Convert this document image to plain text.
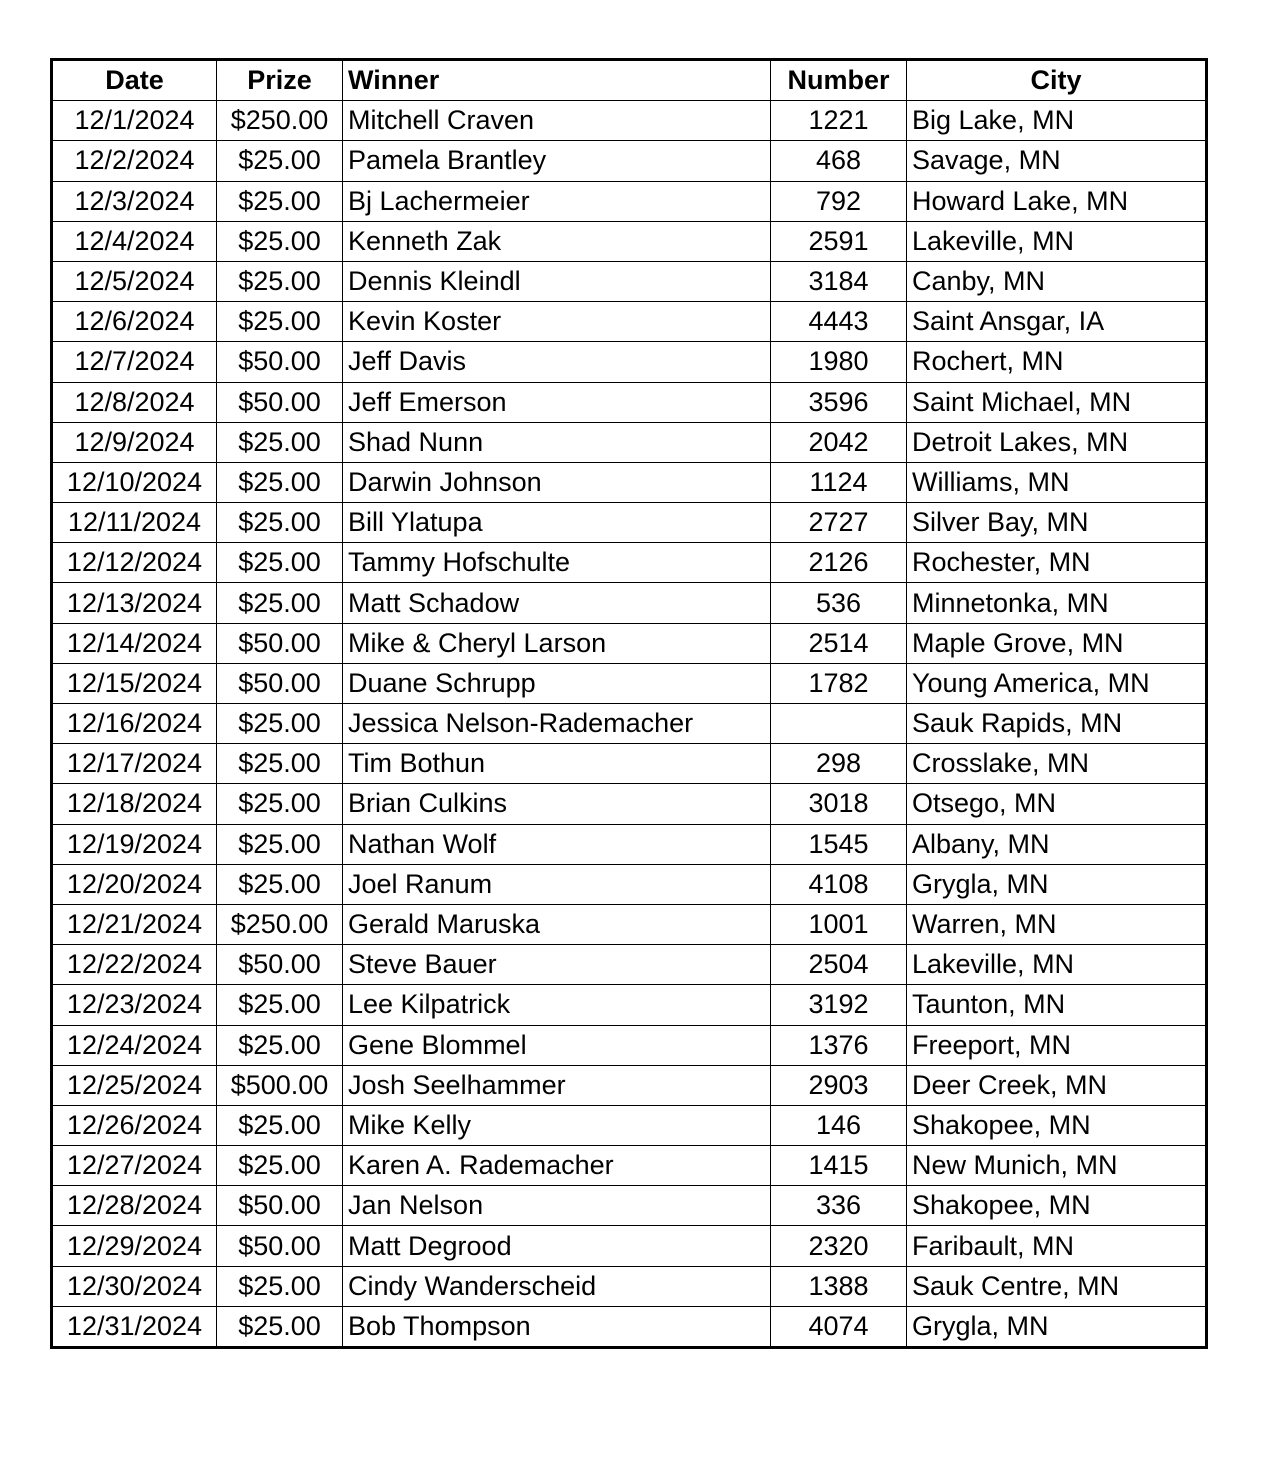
Date	Prize	Winner	Number	City
12/1/2024	$250.00	Mitchell Craven	1221	Big Lake, MN
12/2/2024	$25.00	Pamela Brantley	468	Savage, MN
12/3/2024	$25.00	Bj Lachermeier	792	Howard Lake, MN
12/4/2024	$25.00	Kenneth Zak	2591	Lakeville, MN
12/5/2024	$25.00	Dennis Kleindl	3184	Canby, MN
12/6/2024	$25.00	Kevin Koster	4443	Saint Ansgar, IA
12/7/2024	$50.00	Jeff Davis	1980	Rochert, MN
12/8/2024	$50.00	Jeff Emerson	3596	Saint Michael, MN
12/9/2024	$25.00	Shad Nunn	2042	Detroit Lakes, MN
12/10/2024	$25.00	Darwin Johnson	1124	Williams, MN
12/11/2024	$25.00	Bill Ylatupa	2727	Silver Bay, MN
12/12/2024	$25.00	Tammy Hofschulte	2126	Rochester, MN
12/13/2024	$25.00	Matt Schadow	536	Minnetonka, MN
12/14/2024	$50.00	Mike & Cheryl Larson	2514	Maple Grove, MN
12/15/2024	$50.00	Duane Schrupp	1782	Young America, MN
12/16/2024	$25.00	Jessica Nelson-Rademacher		Sauk Rapids, MN
12/17/2024	$25.00	Tim Bothun	298	Crosslake, MN
12/18/2024	$25.00	Brian Culkins	3018	Otsego, MN
12/19/2024	$25.00	Nathan Wolf	1545	Albany, MN
12/20/2024	$25.00	Joel Ranum	4108	Grygla, MN
12/21/2024	$250.00	Gerald Maruska	1001	Warren, MN
12/22/2024	$50.00	Steve Bauer	2504	Lakeville, MN
12/23/2024	$25.00	Lee Kilpatrick	3192	Taunton, MN
12/24/2024	$25.00	Gene Blommel	1376	Freeport, MN
12/25/2024	$500.00	Josh Seelhammer	2903	Deer Creek, MN
12/26/2024	$25.00	Mike Kelly	146	Shakopee, MN
12/27/2024	$25.00	Karen A. Rademacher	1415	New Munich, MN
12/28/2024	$50.00	Jan Nelson	336	Shakopee, MN
12/29/2024	$50.00	Matt Degrood	2320	Faribault, MN
12/30/2024	$25.00	Cindy Wanderscheid	1388	Sauk Centre, MN
12/31/2024	$25.00	Bob Thompson	4074	Grygla, MN
